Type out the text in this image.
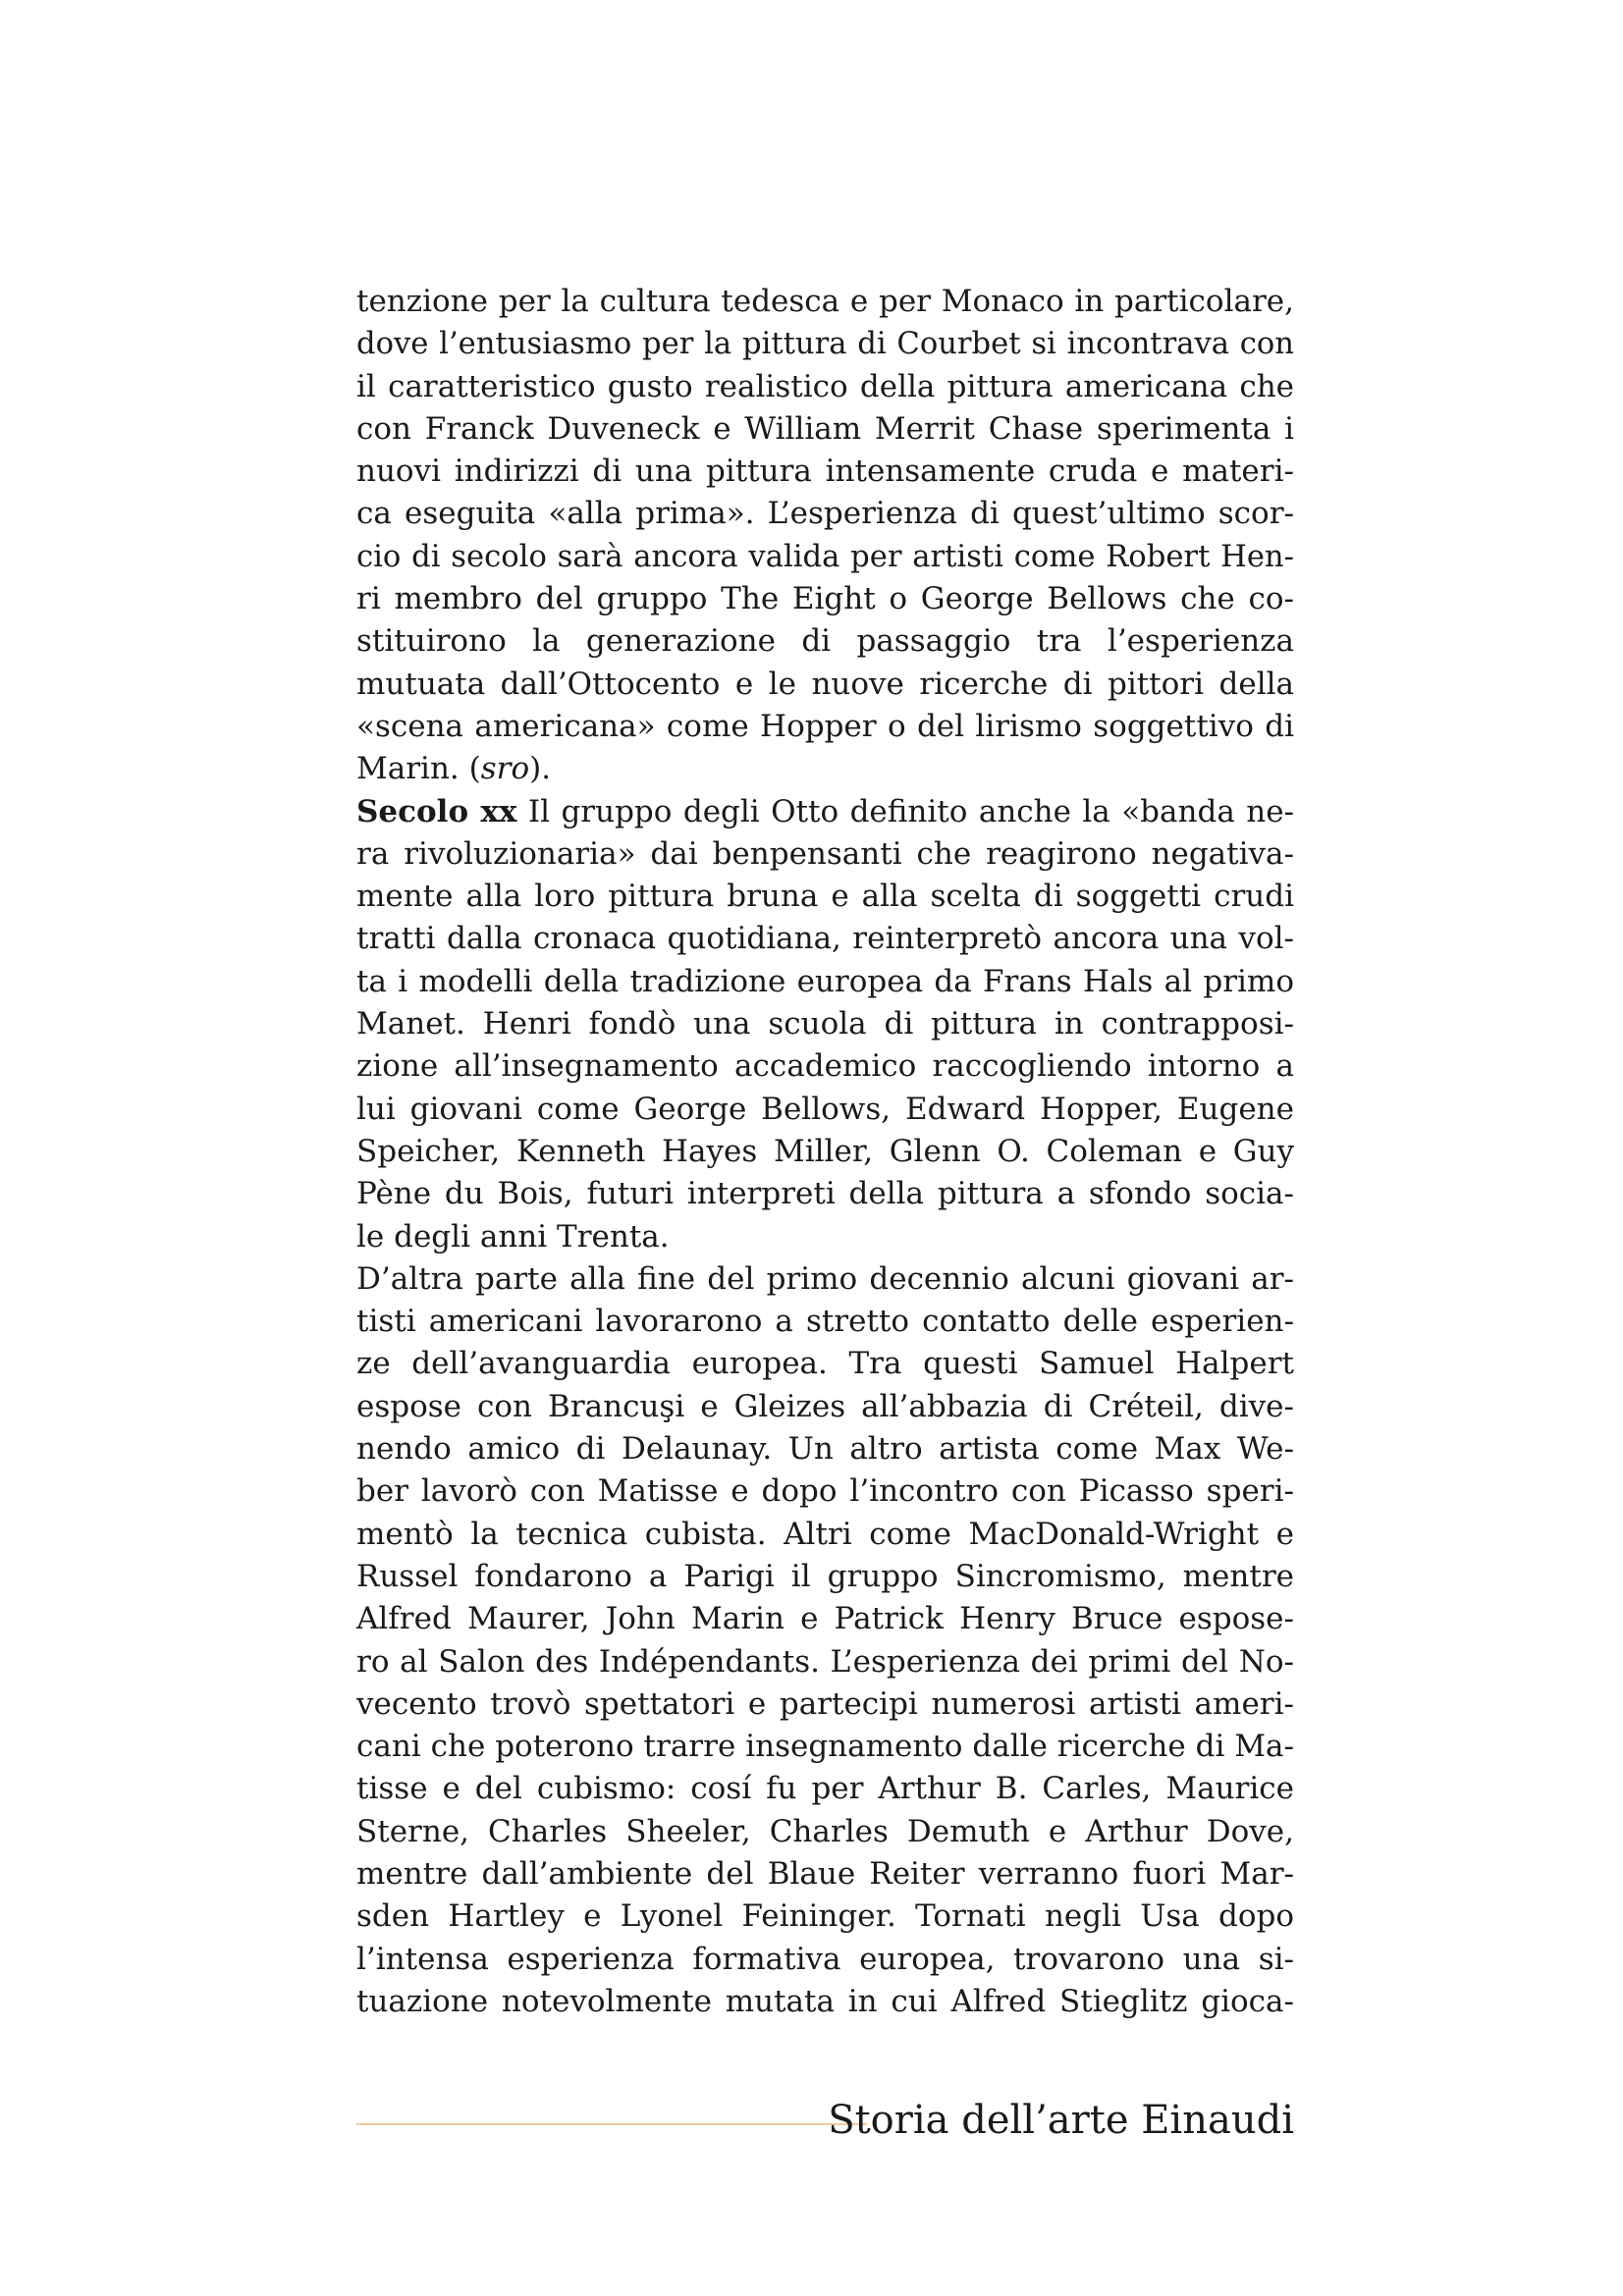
tenzione per la cultura tedesca e per Monaco in particolare,
dove l’entusiasmo per la pittura di Courbet si incontrava con
il caratteristico gusto realistico della pittura americana che
con Franck Duveneck e William Merrit Chase sperimenta i
nuovi indirizzi di una pittura intensamente cruda e materi-
ca eseguita «alla prima». L’esperienza di quest’ultimo scor-
cio di secolo sarà ancora valida per artisti come Robert Hen-
ri membro del gruppo The Eight o George Bellows che co-
stituirono la generazione di passaggio tra l’esperienza
mutuata dall’Ottocento e le nuove ricerche di pittori della
«scena americana» come Hopper o del lirismo soggettivo di
Marin. (sro).
Secolo xx Il gruppo degli Otto definito anche la «banda ne-
ra rivoluzionaria» dai benpensanti che reagirono negativa-
mente alla loro pittura bruna e alla scelta di soggetti crudi
tratti dalla cronaca quotidiana, reinterpretò ancora una vol-
ta i modelli della tradizione europea da Frans Hals al primo
Manet. Henri fondò una scuola di pittura in contrapposi-
zione all’insegnamento accademico raccogliendo intorno a
lui giovani come George Bellows, Edward Hopper, Eugene
Speicher, Kenneth Hayes Miller, Glenn O. Coleman e Guy
Pène du Bois, futuri interpreti della pittura a sfondo socia-
le degli anni Trenta.
D’altra parte alla fine del primo decennio alcuni giovani ar-
tisti americani lavorarono a stretto contatto delle esperien-
ze dell’avanguardia europea. Tra questi Samuel Halpert
espose con Brancuşi e Gleizes all’abbazia di Créteil, dive-
nendo amico di Delaunay. Un altro artista come Max We-
ber lavorò con Matisse e dopo l’incontro con Picasso speri-
mentò la tecnica cubista. Altri come MacDonald-Wright e
Russel fondarono a Parigi il gruppo Sincromismo, mentre
Alfred Maurer, John Marin e Patrick Henry Bruce espose-
ro al Salon des Indépendants. L’esperienza dei primi del No-
vecento trovò spettatori e partecipi numerosi artisti ameri-
cani che poterono trarre insegnamento dalle ricerche di Ma-
tisse e del cubismo: cosí fu per Arthur B. Carles, Maurice
Sterne, Charles Sheeler, Charles Demuth e Arthur Dove,
mentre dall’ambiente del Blaue Reiter verranno fuori Mar-
sden Hartley e Lyonel Feininger. Tornati negli Usa dopo
l’intensa esperienza formativa europea, trovarono una si-
tuazione notevolmente mutata in cui Alfred Stieglitz gioca-
Storia dell’arte Einaudi
